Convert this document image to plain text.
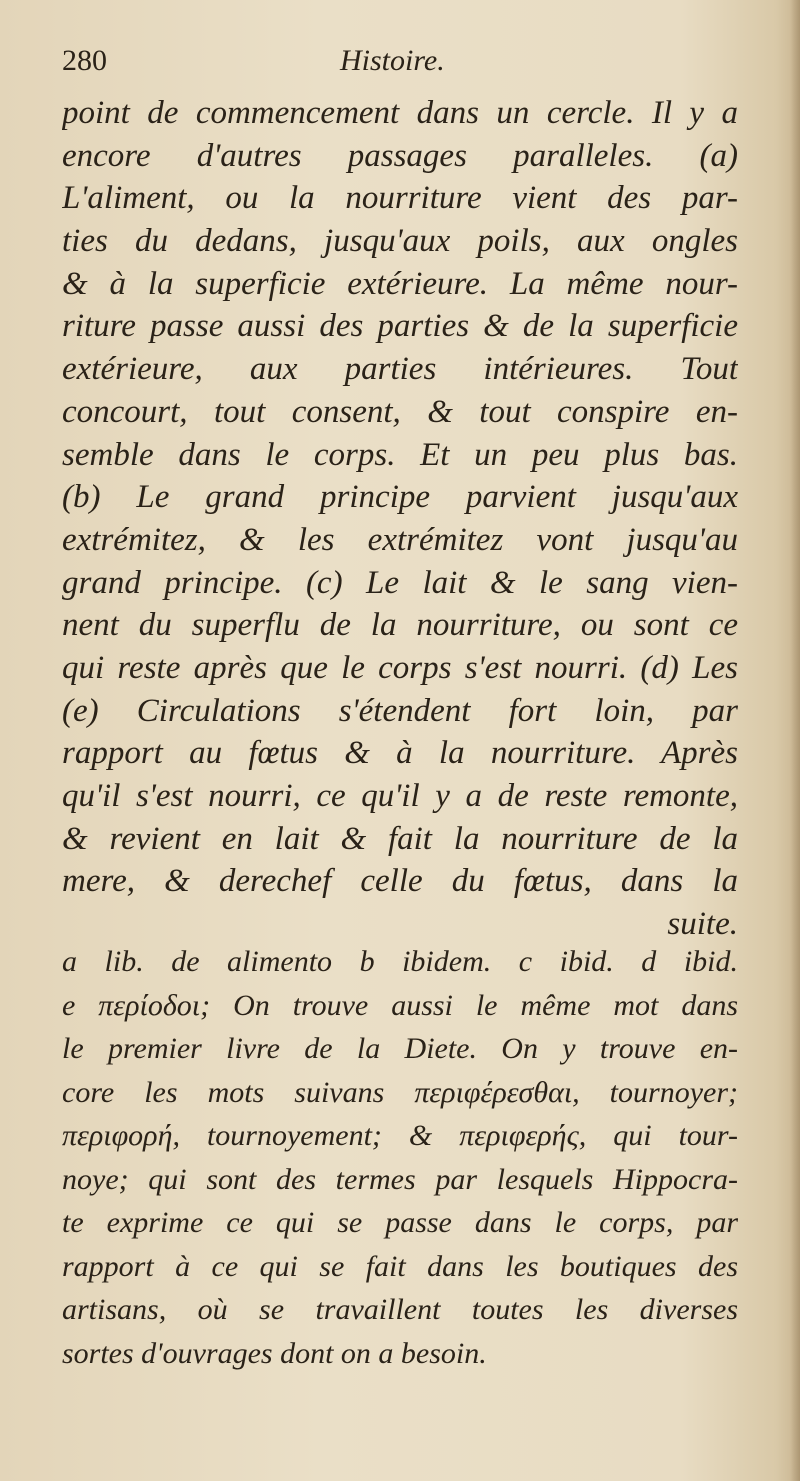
280	Histoire.
point de commencement dans un cercle. Il y a
encore d'autres passages paralleles. (a)
L'aliment, ou la nourriture vient des par-
ties du dedans, jusqu'aux poils, aux ongles
& à la superficie extérieure. La même nour-
riture passe aussi des parties & de la superficie
extérieure, aux parties intérieures. Tout
concourt, tout consent, & tout conspire en-
semble dans le corps. Et un peu plus bas.
(b) Le grand principe parvient jusqu'aux
extrémitez, & les extrémitez vont jusqu'au
grand principe. (c) Le lait & le sang vien-
nent du superflu de la nourriture, ou sont ce
qui reste après que le corps s'est nourri. (d) Les
(e) Circulations s'étendent fort loin, par
rapport au fœtus & à la nourriture. Après
qu'il s'est nourri, ce qu'il y a de reste remonte,
& revient en lait & fait la nourriture de la
mere, & derechef celle du fœtus, dans la
suite.
a lib. de alimento b ibidem. c ibid. d ibid.
e περίοδοι; On trouve aussi le même mot dans
le premier livre de la Diete. On y trouve en-
core les mots suivans περιφέρεσθαι, tournoyer;
περιφορή, tournoyement; & περιφερής, qui tour-
noye; qui sont des termes par lesquels Hippocra-
te exprime ce qui se passe dans le corps, par
rapport à ce qui se fait dans les boutiques des
artisans, où se travaillent toutes les diverses
sortes d'ouvrages dont on a besoin.
